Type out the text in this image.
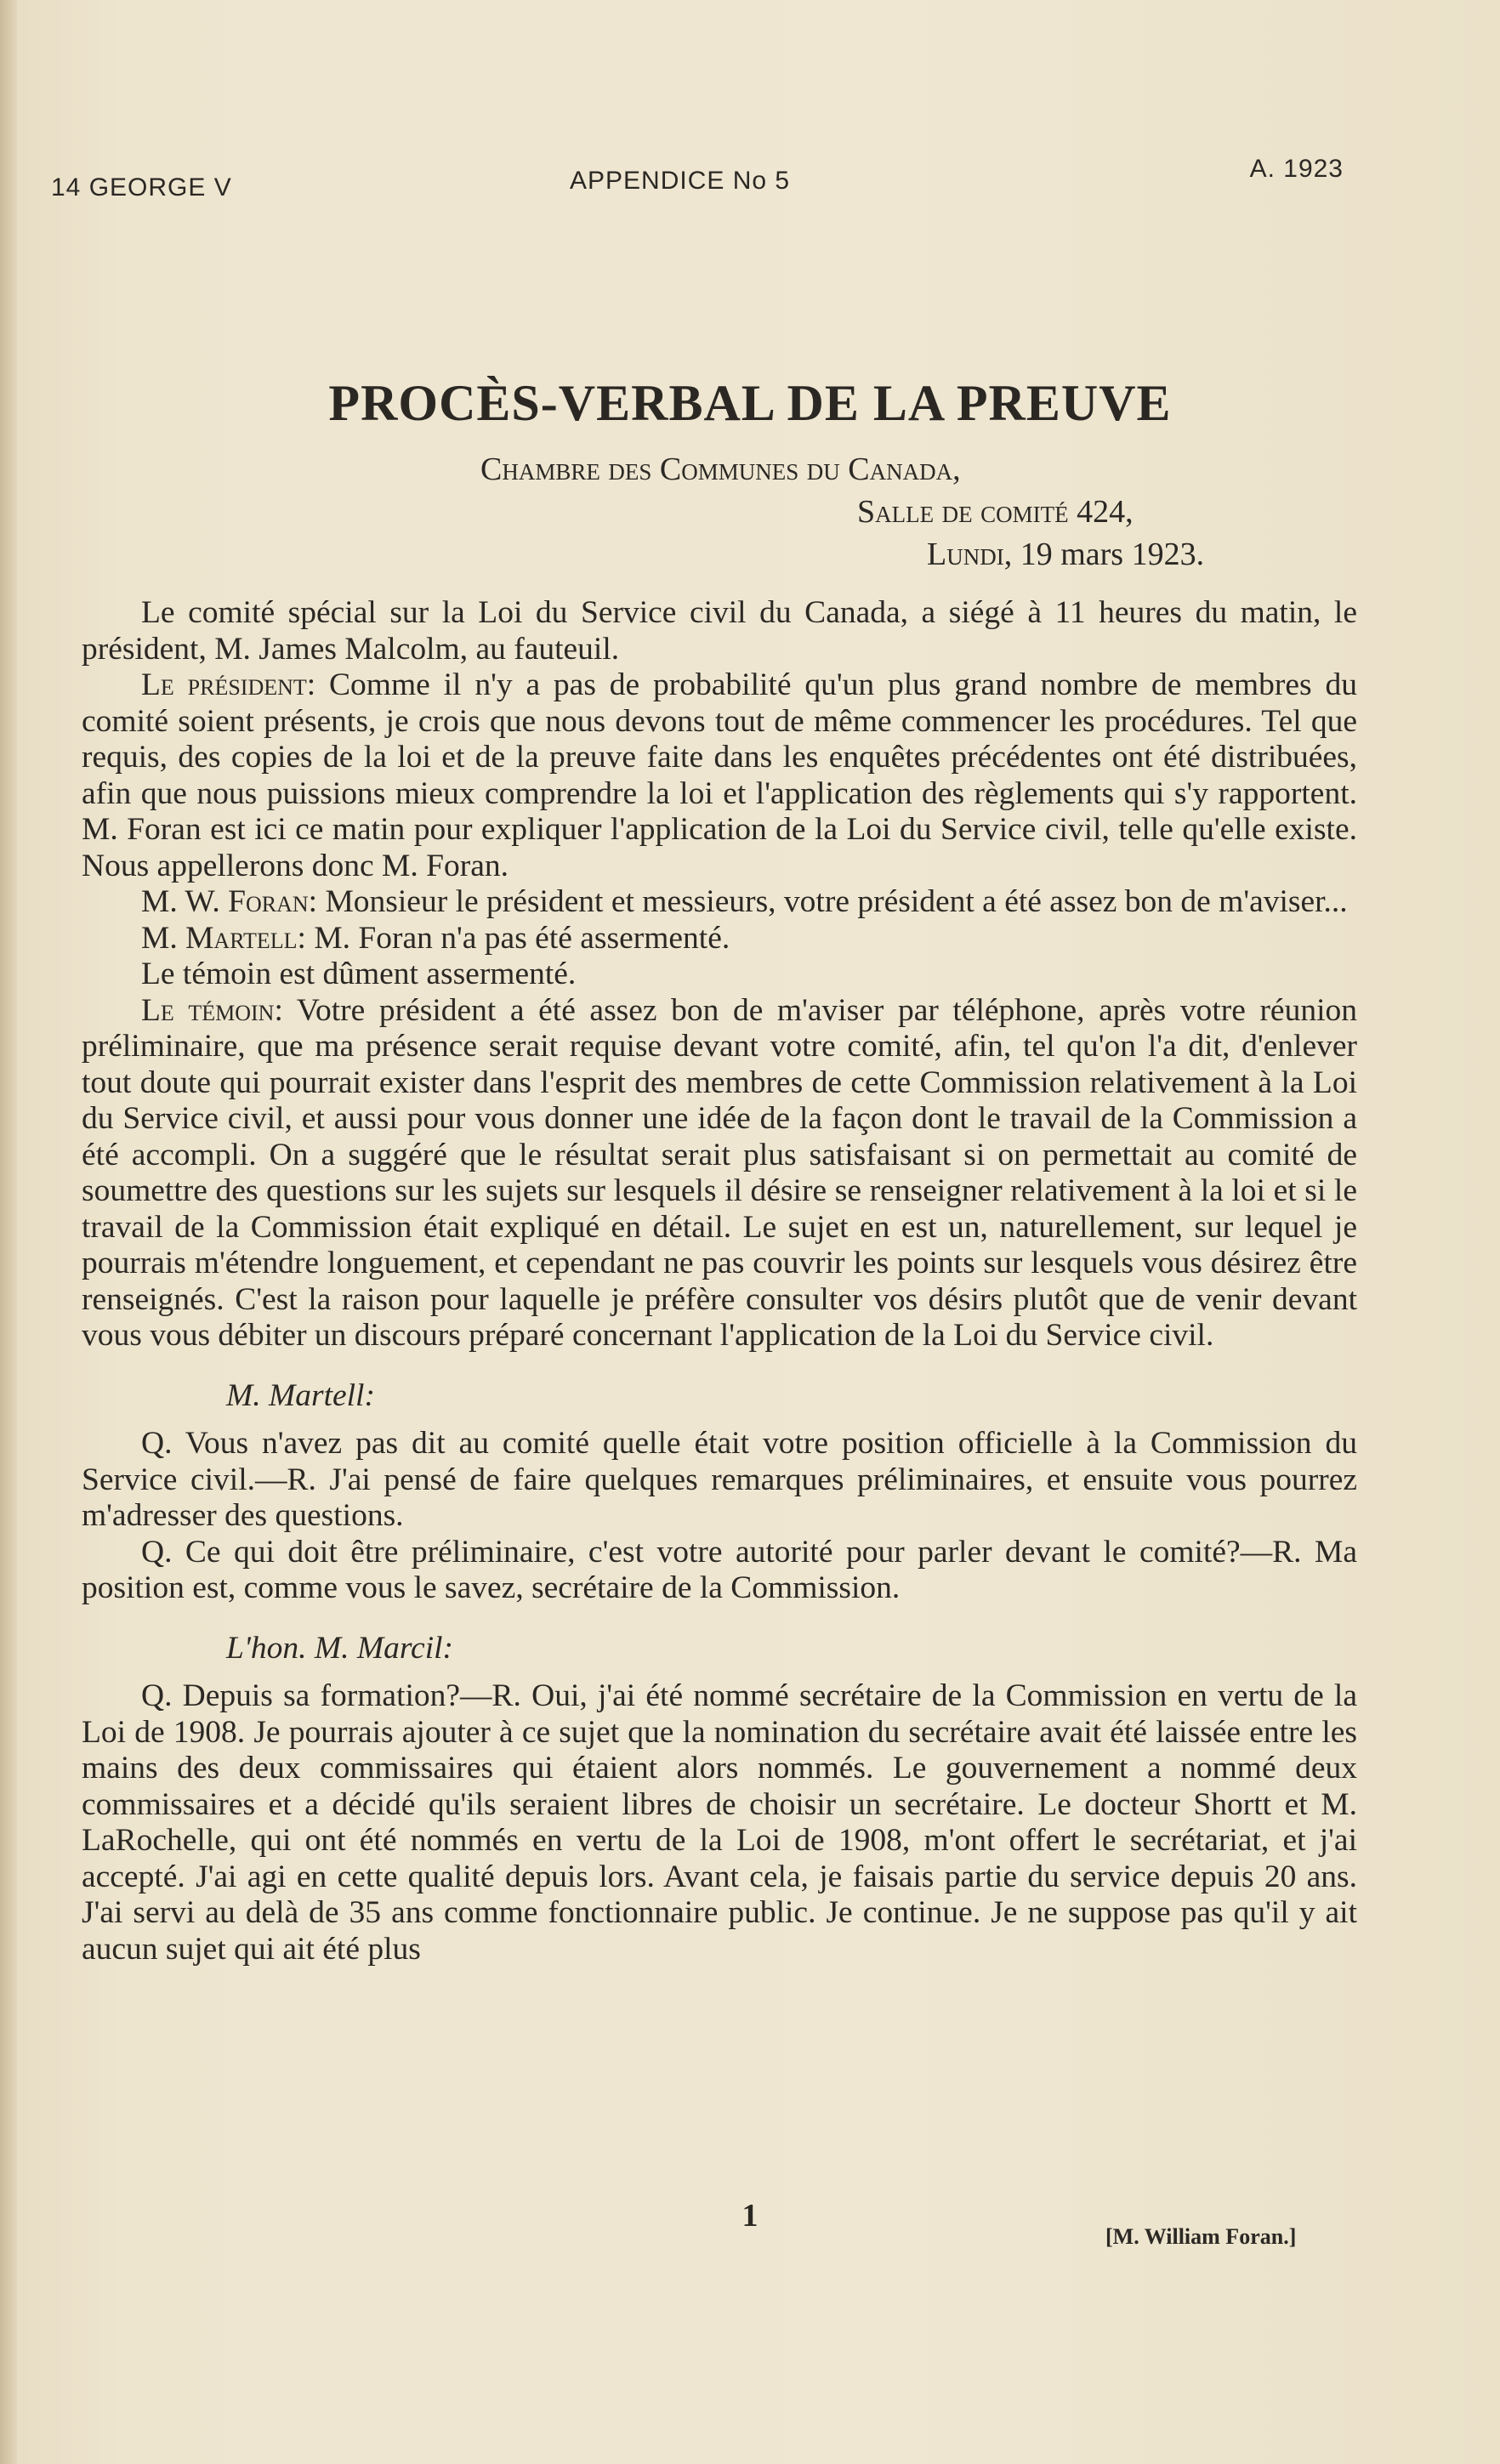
14 GEORGE V	APPENDICE No 5	A. 1923
PROCÈS-VERBAL DE LA PREUVE
Chambre des Communes du Canada,
Salle de comité 424,
Lundi, 19 mars 1923.

Le comité spécial sur la Loi du Service civil du Canada, a siégé à 11 heures du matin, le président, M. James Malcolm, au fauteuil.

Le président: Comme il n'y a pas de probabilité qu'un plus grand nombre de membres du comité soient présents, je crois que nous devons tout de même commencer les procédures. Tel que requis, des copies de la loi et de la preuve faite dans les enquêtes précédentes ont été distribuées, afin que nous puissions mieux comprendre la loi et l'application des règlements qui s'y rapportent. M. Foran est ici ce matin pour expliquer l'application de la Loi du Service civil, telle qu'elle existe. Nous appellerons donc M. Foran.

M. W. Foran: Monsieur le président et messieurs, votre président a été assez bon de m'aviser...

M. Martell: M. Foran n'a pas été assermenté.

Le témoin est dûment assermenté.

Le témoin: Votre président a été assez bon de m'aviser par téléphone, après votre réunion préliminaire, que ma présence serait requise devant votre comité, afin, tel qu'on l'a dit, d'enlever tout doute qui pourrait exister dans l'esprit des membres de cette Commission relativement à la Loi du Service civil, et aussi pour vous donner une idée de la façon dont le travail de la Commission a été accompli. On a suggéré que le résultat serait plus satisfaisant si on permettait au comité de soumettre des questions sur les sujets sur lesquels il désire se renseigner relativement à la loi et si le travail de la Commission était expliqué en détail. Le sujet en est un, naturellement, sur lequel je pourrais m'étendre longuement, et cependant ne pas couvrir les points sur lesquels vous désirez être renseignés. C'est la raison pour laquelle je préfère consulter vos désirs plutôt que de venir devant vous vous débiter un discours préparé concernant l'application de la Loi du Service civil.

M. Martell:

Q. Vous n'avez pas dit au comité quelle était votre position officielle à la Commission du Service civil.—R. J'ai pensé de faire quelques remarques préliminaires, et ensuite vous pourrez m'adresser des questions.

Q. Ce qui doit être préliminaire, c'est votre autorité pour parler devant le comité?—R. Ma position est, comme vous le savez, secrétaire de la Commission.

L'hon. M. Marcil:

Q. Depuis sa formation?—R. Oui, j'ai été nommé secrétaire de la Commission en vertu de la Loi de 1908. Je pourrais ajouter à ce sujet que la nomination du secrétaire avait été laissée entre les mains des deux commissaires qui étaient alors nommés. Le gouvernement a nommé deux commissaires et a décidé qu'ils seraient libres de choisir un secrétaire. Le docteur Shortt et M. LaRochelle, qui ont été nommés en vertu de la Loi de 1908, m'ont offert le secrétariat, et j'ai accepté. J'ai agi en cette qualité depuis lors. Avant cela, je faisais partie du service depuis 20 ans. J'ai servi au delà de 35 ans comme fonctionnaire public. Je continue. Je ne suppose pas qu'il y ait aucun sujet qui ait été plus

1
[M. William Foran.]
